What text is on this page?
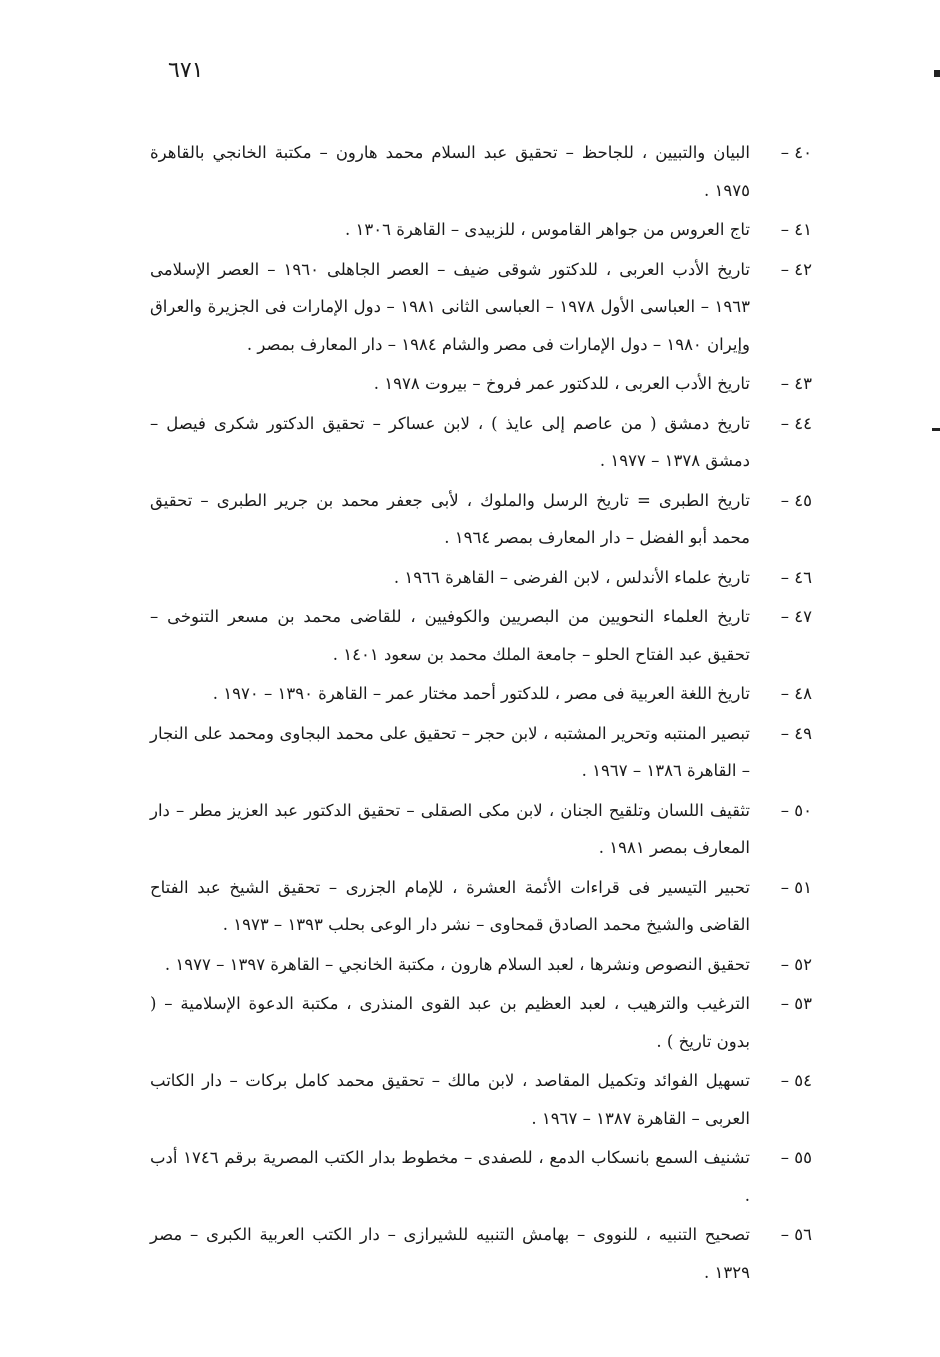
٦٧١
٤٠ –
البيان والتبيين ، للجاحظ – تحقيق عبد السلام محمد هارون – مكتبة الخانجي بالقاهرة ١٩٧٥ .
٤١ –
تاج العروس من جواهر القاموس ، للزبيدى – القاهرة ١٣٠٦ .
٤٢ –
تاريخ الأدب العربى ، للدكتور شوقى ضيف – العصر الجاهلى ١٩٦٠ – العصر الإسلامى ١٩٦٣ – العباسى الأول ١٩٧٨ – العباسى الثانى ١٩٨١ – دول الإمارات فى الجزيرة والعراق وإيران ١٩٨٠ – دول الإمارات فى مصر والشام ١٩٨٤ – دار المعارف بمصر .
٤٣ –
تاريخ الأدب العربى ، للدكتور عمر فروخ – بيروت ١٩٧٨ .
٤٤ –
تاريخ دمشق ( من عاصم إلى عايذ ) ، لابن عساكر – تحقيق الدكتور شكرى فيصل – دمشق ١٣٧٨ – ١٩٧٧ .
٤٥ –
تاريخ الطبرى = تاريخ الرسل والملوك ، لأبى جعفر محمد بن جرير الطبرى – تحقيق محمد أبو الفضل – دار المعارف بمصر ١٩٦٤ .
٤٦ –
تاريخ علماء الأندلس ، لابن الفرضى – القاهرة ١٩٦٦ .
٤٧ –
تاريخ العلماء النحويين من البصريين والكوفيين ، للقاضى محمد بن مسعر التنوخى – تحقيق عبد الفتاح الحلو – جامعة الملك محمد بن سعود ١٤٠١ .
٤٨ –
تاريخ اللغة العربية فى مصر ، للدكتور أحمد مختار عمر – القاهرة ١٣٩٠ – ١٩٧٠ .
٤٩ –
تبصير المنتبه وتحرير المشتبه ، لابن حجر – تحقيق على محمد البجاوى ومحمد على النجار – القاهرة ١٣٨٦ – ١٩٦٧ .
٥٠ –
تثقيف اللسان وتلقيح الجنان ، لابن مكى الصقلى – تحقيق الدكتور عبد العزيز مطر – دار المعارف بمصر ١٩٨١ .
٥١ –
تحبير التيسير فى قراءات الأئمة العشرة ، للإمام الجزرى – تحقيق الشيخ عبد الفتاح القاضى والشيخ محمد الصادق قمحاوى – نشر دار الوعى بحلب ١٣٩٣ – ١٩٧٣ .
٥٢ –
تحقيق النصوص ونشرها ، لعبد السلام هارون ، مكتبة الخانجي – القاهرة ١٣٩٧ – ١٩٧٧ .
٥٣ –
الترغيب والترهيب ، لعبد العظيم بن عبد القوى المنذرى ، مكتبة الدعوة الإسلامية – ( بدون تاريخ ) .
٥٤ –
تسهيل الفوائد وتكميل المقاصد ، لابن مالك – تحقيق محمد كامل بركات – دار الكاتب العربى – القاهرة ١٣٨٧ – ١٩٦٧ .
٥٥ –
تشنيف السمع بانسكاب الدمع ، للصفدى – مخطوط بدار الكتب المصرية برقم ١٧٤٦ أدب .
٥٦ –
تصحيح التنبيه ، للنووى – بهامش التنبيه للشيرازى – دار الكتب العربية الكبرى – مصر ١٣٢٩ .
